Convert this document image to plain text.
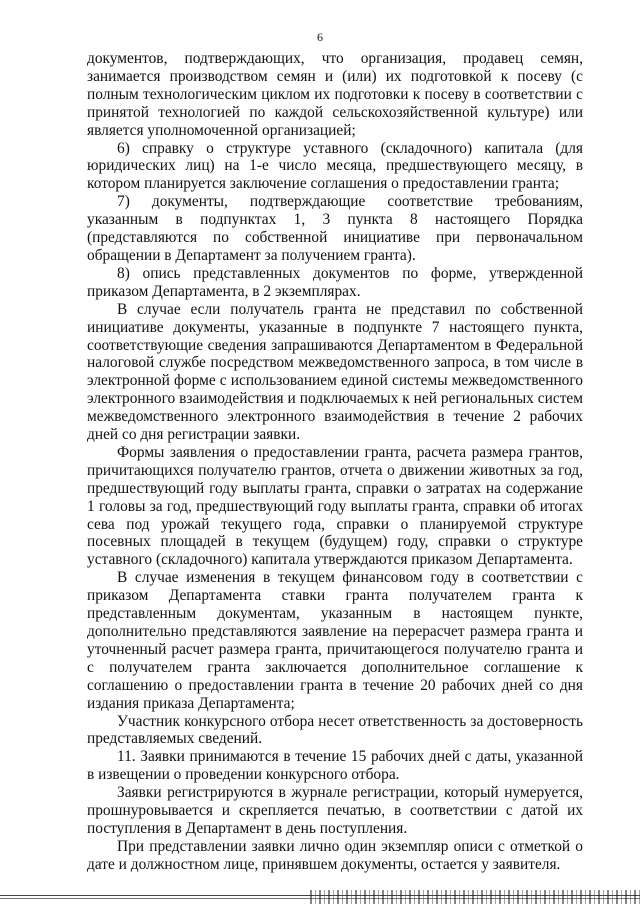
6

документов, подтверждающих, что организация, продавец семян, занимается производством семян и (или) их подготовкой к посеву (с полным технологическим циклом их подготовки к посеву в соответствии с принятой технологией по каждой сельскохозяйственной культуре) или является уполномоченной организацией;

6) справку о структуре уставного (складочного) капитала (для юридических лиц) на 1-е число месяца, предшествующего месяцу, в котором планируется заключение соглашения о предоставлении гранта;

7) документы, подтверждающие соответствие требованиям, указанным в подпунктах 1, 3 пункта 8 настоящего Порядка (представляются по собственной инициативе при первоначальном обращении в Департамент за получением гранта).

8) опись представленных документов по форме, утвержденной приказом Департамента, в 2 экземплярах.

В случае если получатель гранта не представил по собственной инициативе документы, указанные в подпункте 7 настоящего пункта, соответствующие сведения запрашиваются Департаментом в Федеральной налоговой службе посредством межведомственного запроса, в том числе в электронной форме с использованием единой системы межведомственного электронного взаимодействия и подключаемых к ней региональных систем межведомственного электронного взаимодействия в течение 2 рабочих дней со дня регистрации заявки.

Формы заявления о предоставлении гранта, расчета размера грантов, причитающихся получателю грантов, отчета о движении животных за год, предшествующий году выплаты гранта, справки о затратах на содержание 1 головы за год, предшествующий году выплаты гранта, справки об итогах сева под урожай текущего года, справки о планируемой структуре посевных площадей в текущем (будущем) году, справки о структуре уставного (складочного) капитала утверждаются приказом Департамента.

В случае изменения в текущем финансовом году в соответствии с приказом Департамента ставки гранта получателем гранта к представленным документам, указанным в настоящем пункте, дополнительно представляются заявление на перерасчет размера гранта и уточненный расчет размера гранта, причитающегося получателю гранта и с получателем гранта заключается дополнительное соглашение к соглашению о предоставлении гранта в течение 20 рабочих дней со дня издания приказа Департамента;

Участник конкурсного отбора несет ответственность за достоверность представляемых сведений.

11. Заявки принимаются в течение 15 рабочих дней с даты, указанной в извещении о проведении конкурсного отбора.

Заявки регистрируются в журнале регистрации, который нумеруется, прошнуровывается и скрепляется печатью, в соответствии с датой их поступления в Департамент в день поступления.

При представлении заявки лично один экземпляр описи с отметкой о дате и должностном лице, принявшем документы, остается у заявителя.
